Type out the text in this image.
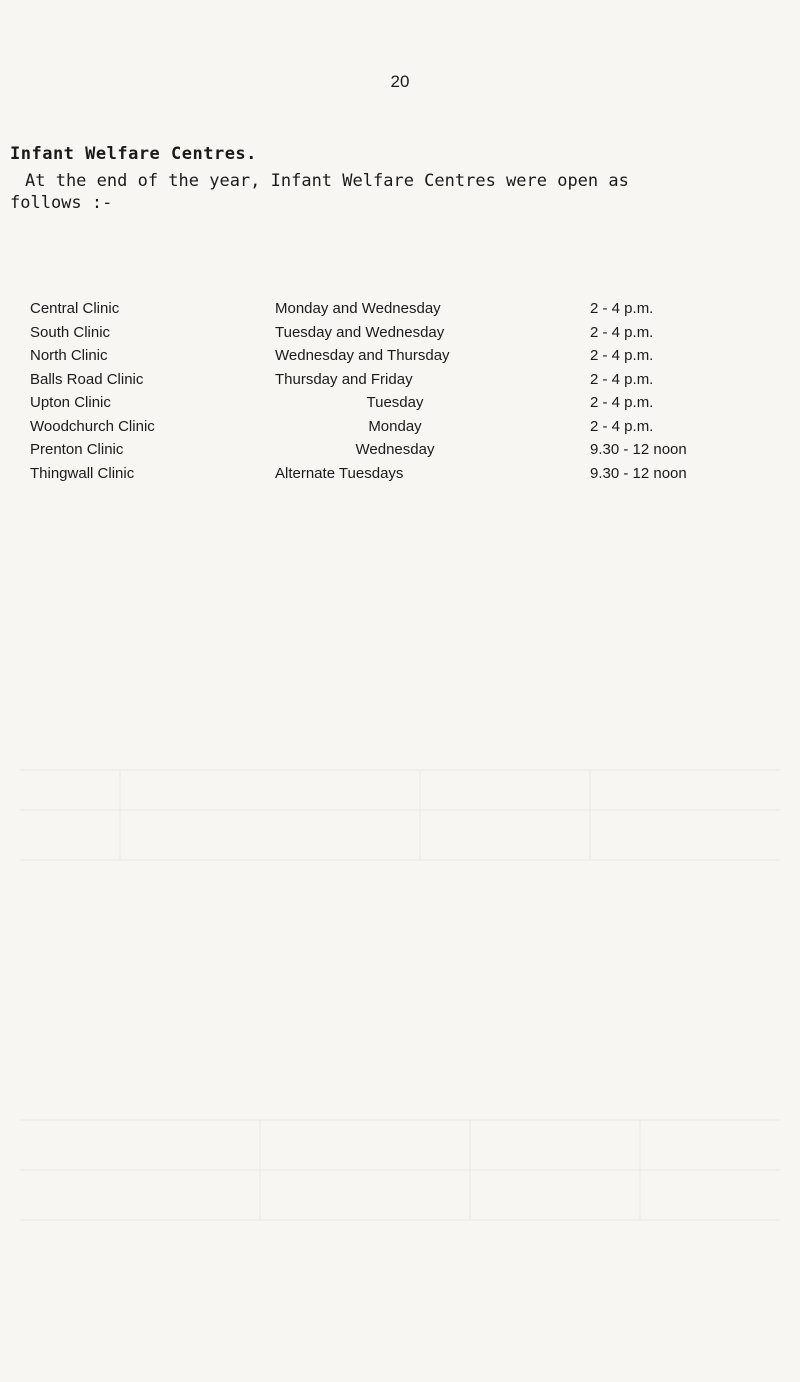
20
Infant Welfare Centres.
At the end of the year, Infant Welfare Centres were open as
follows :-
Central Clinic	Monday and Wednesday	2 - 4 p.m.
South Clinic	Tuesday and Wednesday	2 - 4 p.m.
North Clinic	Wednesday and Thursday	2 - 4 p.m.
Balls Road Clinic	Thursday and Friday	2 - 4 p.m.
Upton Clinic	Tuesday	2 - 4 p.m.
Woodchurch Clinic	Monday	2 - 4 p.m.
Prenton Clinic	Wednesday	9.30 - 12 noon
Thingwall Clinic	Alternate Tuesdays	9.30 - 12 noon
